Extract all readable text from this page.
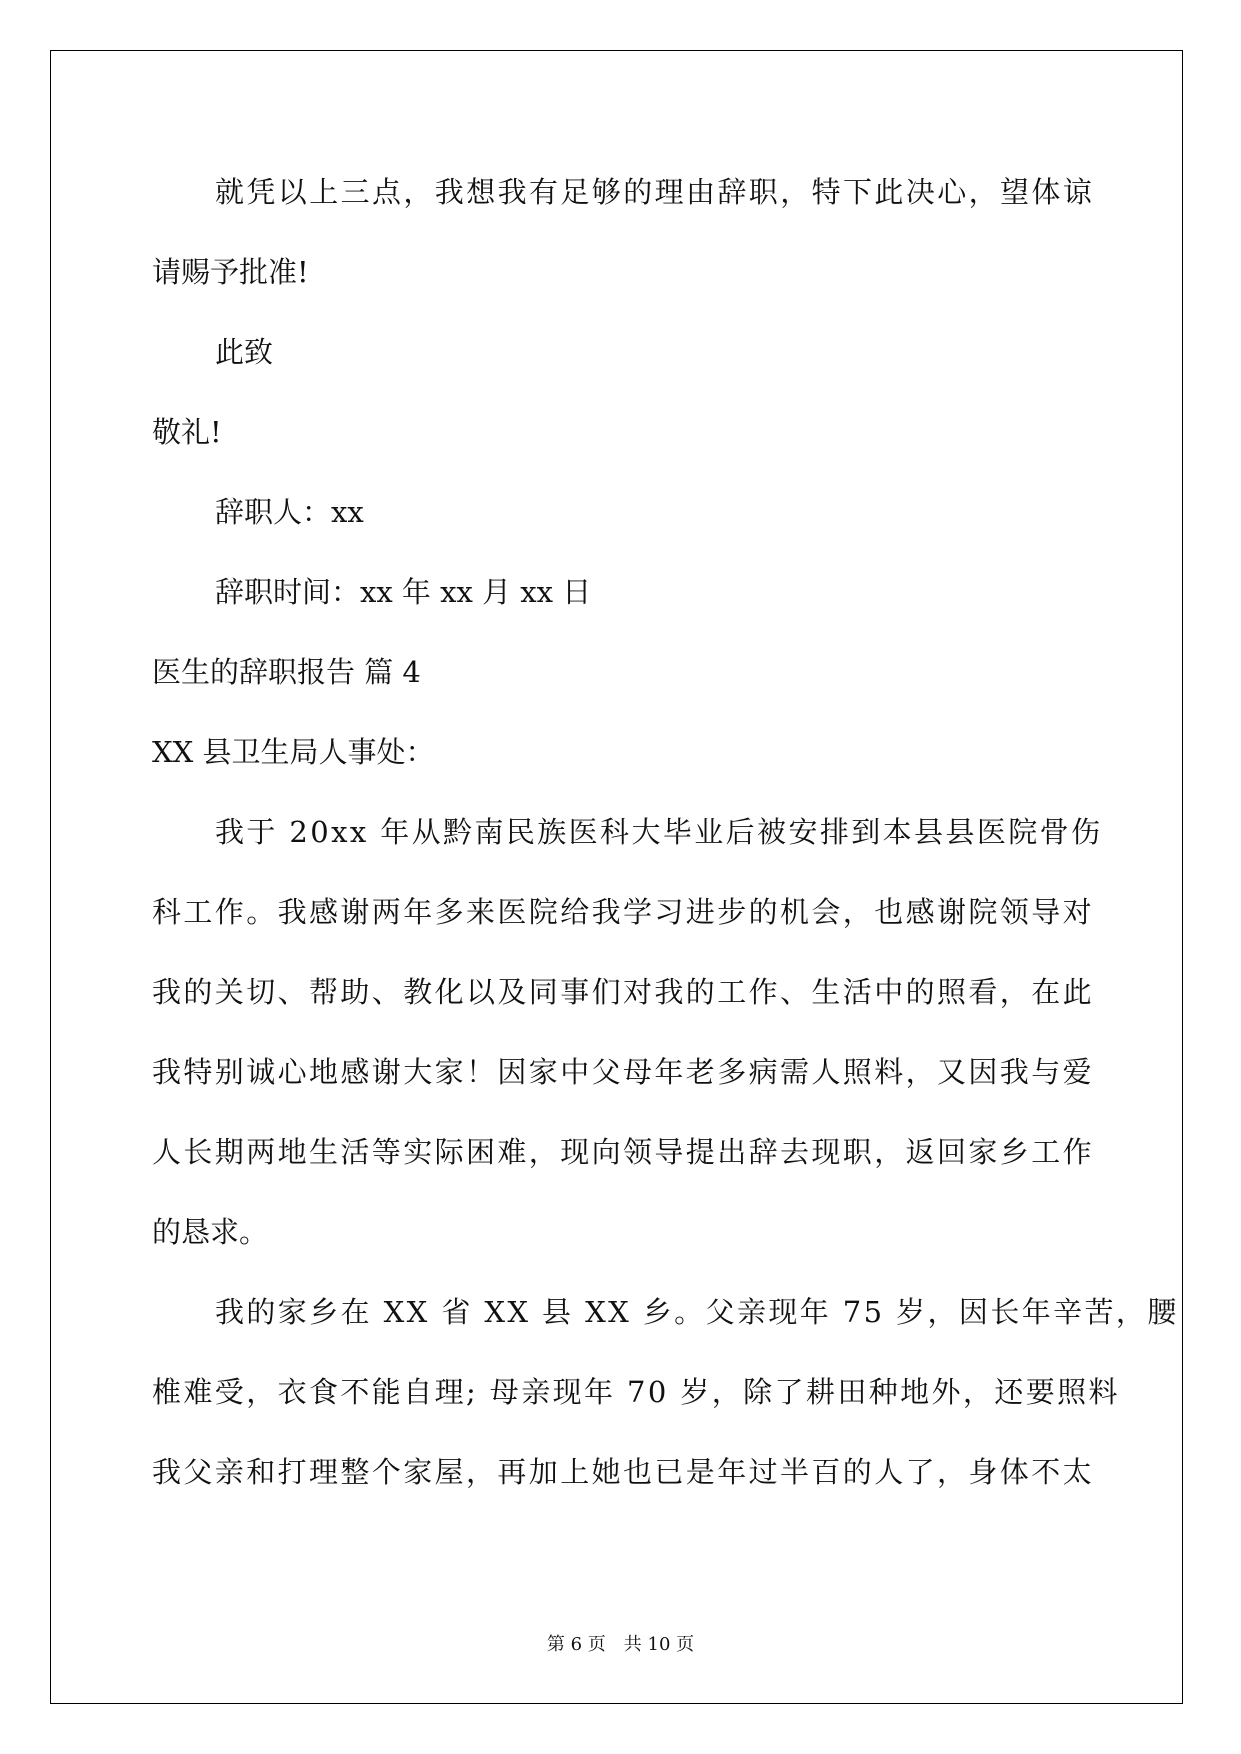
就凭以上三点，我想我有足够的理由辞职，特下此决心，望体谅
请赐予批准!
此致
敬礼!
辞职人：xx
辞职时间：xx 年 xx 月 xx 日
医生的辞职报告 篇 4
XX 县卫生局人事处：
我于 20xx 年从黔南民族医科大毕业后被安排到本县县医院骨伤
科工作。我感谢两年多来医院给我学习进步的机会，也感谢院领导对
我的关切、帮助、教化以及同事们对我的工作、生活中的照看，在此
我特别诚心地感谢大家！因家中父母年老多病需人照料，又因我与爱
人长期两地生活等实际困难，现向领导提出辞去现职，返回家乡工作
的恳求。
我的家乡在 XX 省 XX 县 XX 乡。父亲现年 75 岁，因长年辛苦，腰
椎难受，衣食不能自理; 母亲现年 70 岁，除了耕田种地外，还要照料
我父亲和打理整个家屋，再加上她也已是年过半百的人了，身体不太
第 6 页　共 10 页
